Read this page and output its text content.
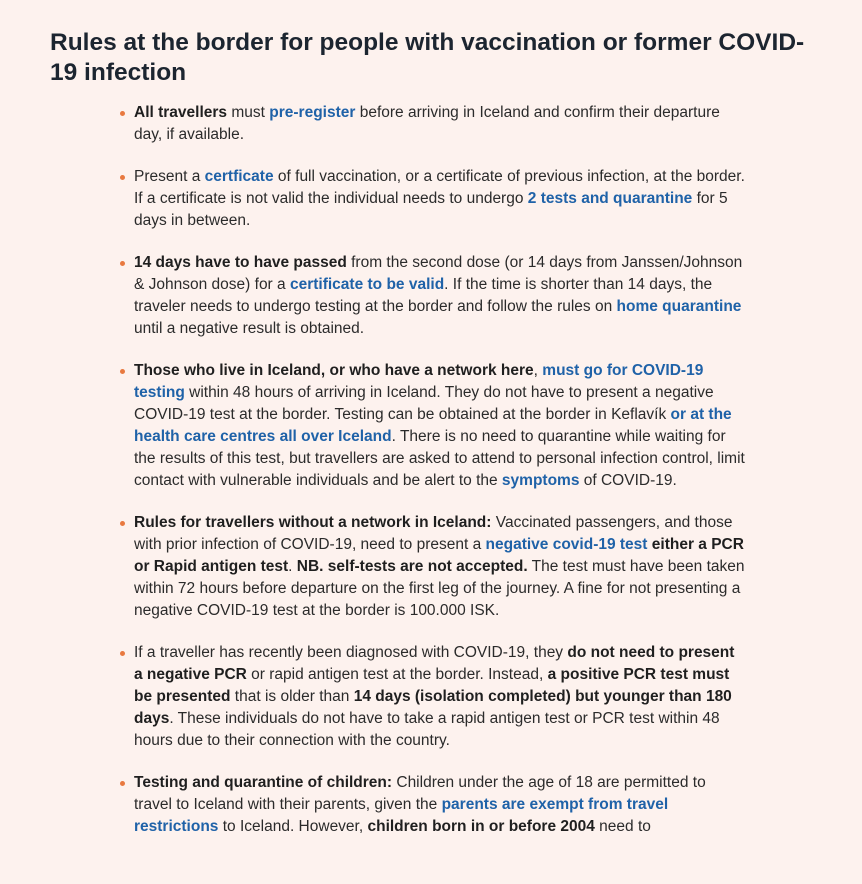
Rules at the border for people with vaccination or former COVID-19 infection
All travellers must pre-register before arriving in Iceland and confirm their departure day, if available.
Present a certficate of full vaccination, or a certificate of previous infection, at the border. If a certificate is not valid the individual needs to undergo 2 tests and quarantine for 5 days in between.
14 days have to have passed from the second dose (or 14 days from Janssen/Johnson & Johnson dose) for a certificate to be valid. If the time is shorter than 14 days, the traveler needs to undergo testing at the border and follow the rules on home quarantine until a negative result is obtained.
Those who live in Iceland, or who have a network here, must go for COVID-19 testing within 48 hours of arriving in Iceland. They do not have to present a negative COVID-19 test at the border. Testing can be obtained at the border in Keflavík or at the health care centres all over Iceland. There is no need to quarantine while waiting for the results of this test, but travellers are asked to attend to personal infection control, limit contact with vulnerable individuals and be alert to the symptoms of COVID-19.
Rules for travellers without a network in Iceland: Vaccinated passengers, and those with prior infection of COVID-19, need to present a negative covid-19 test either a PCR or Rapid antigen test. NB. self-tests are not accepted. The test must have been taken within 72 hours before departure on the first leg of the journey. A fine for not presenting a negative COVID-19 test at the border is 100.000 ISK.
If a traveller has recently been diagnosed with COVID-19, they do not need to present a negative PCR or rapid antigen test at the border. Instead, a positive PCR test must be presented that is older than 14 days (isolation completed) but younger than 180 days. These individuals do not have to take a rapid antigen test or PCR test within 48 hours due to their connection with the country.
Testing and quarantine of children: Children under the age of 18 are permitted to travel to Iceland with their parents, given the parents are exempt from travel restrictions to Iceland. However, children born in or before 2004 need to
